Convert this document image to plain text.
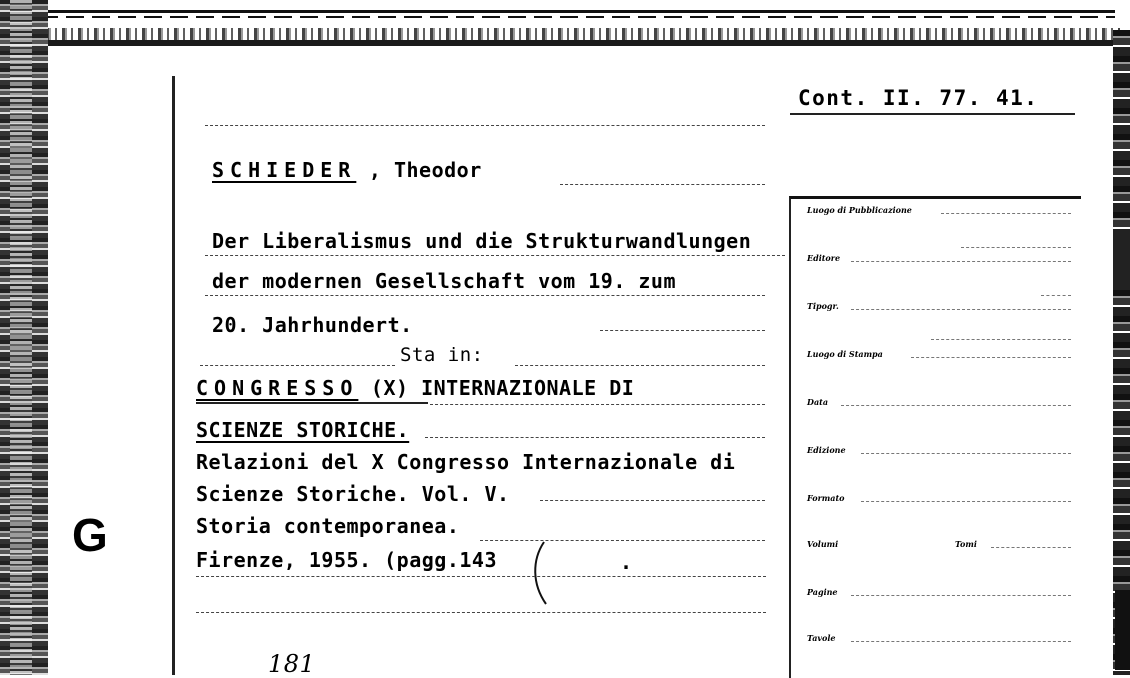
G
Cont. II. 77. 41.
SCHIEDER , Theodor
Der Liberalismus und die Strukturwandlungen
der modernen Gesellschaft vom 19. zum
20. Jahrhundert.
Sta in:
CONGRESSO (X) INTERNAZIONALE DI
SCIENZE STORICHE.
Relazioni del X Congresso Internazionale di
Scienze Storiche. Vol. V.
Storia contemporanea.
Firenze, 1955. (pagg.143	.
181
Luogo di Pubblicazione
Editore
Tipogr.
Luogo di Stampa
Data
Edizione
Formato
Volumi	Tomi
Pagine
Tavole
